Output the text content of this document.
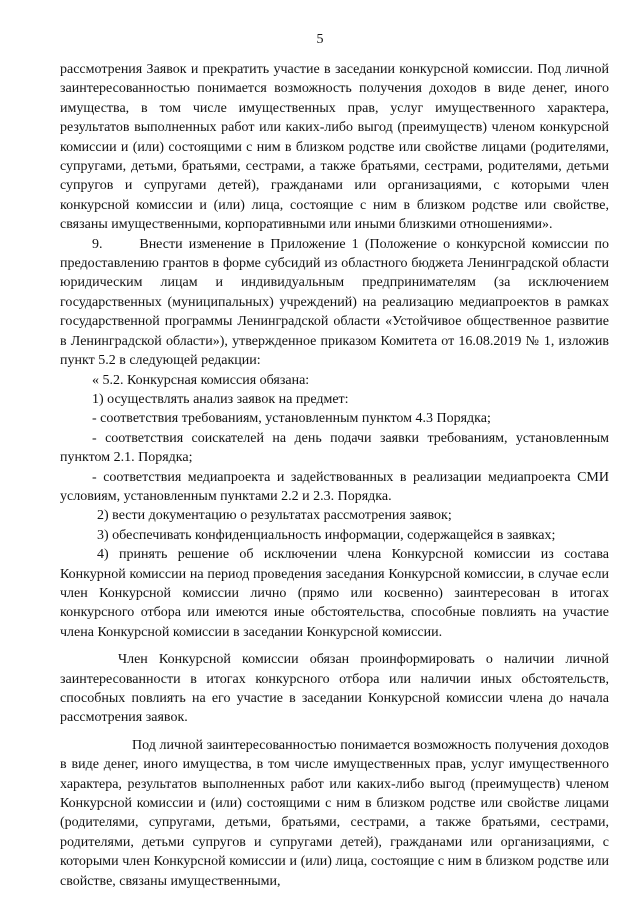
5

рассмотрения Заявок и прекратить участие в заседании конкурсной комиссии. Под личной заинтересованностью понимается возможность получения доходов в виде денег, иного имущества, в том числе имущественных прав, услуг имущественного характера, результатов выполненных работ или каких-либо выгод (преимуществ) членом конкурсной комиссии и (или) состоящими с ним в близком родстве или свойстве лицами (родителями, супругами, детьми, братьями, сестрами, а также братьями, сестрами, родителями, детьми супругов и супругами детей), гражданами или организациями, с которыми член конкурсной комиссии и (или) лица, состоящие с ним в близком родстве или свойстве, связаны имущественными, корпоративными или иными близкими отношениями».

9.      Внести изменение в Приложение 1 (Положение о конкурсной комиссии по предоставлению грантов в форме субсидий из областного бюджета Ленинградской области юридическим лицам и индивидуальным предпринимателям (за исключением государственных (муниципальных) учреждений) на реализацию медиапроектов в рамках государственной программы Ленинградской области «Устойчивое общественное развитие в Ленинградской области»), утвержденное приказом Комитета от 16.08.2019 № 1, изложив пункт 5.2 в следующей редакции:

« 5.2. Конкурсная комиссия обязана:

1) осуществлять анализ заявок на предмет:

- соответствия требованиям, установленным пунктом 4.3 Порядка;

- соответствия соискателей на день подачи заявки требованиям, установленным пунктом 2.1. Порядка;

- соответствия медиапроекта и задействованных в реализации медиапроекта СМИ условиям, установленным пунктами 2.2 и 2.3. Порядка.

2) вести документацию о результатах рассмотрения заявок;

3) обеспечивать конфиденциальность информации, содержащейся в заявках;

4) принять решение об исключении члена Конкурсной комиссии из состава Конкурной комиссии на период проведения заседания Конкурсной комиссии, в случае если член Конкурсной комиссии лично (прямо или косвенно) заинтересован в итогах конкурсного отбора или имеются иные обстоятельства, способные повлиять на участие члена Конкурсной комиссии в заседании Конкурсной комиссии.

Член Конкурсной комиссии обязан проинформировать о наличии личной заинтересованности в итогах конкурсного отбора или наличии иных обстоятельств, способных повлиять на его участие в заседании Конкурсной комиссии члена до начала рассмотрения заявок.

Под личной заинтересованностью понимается возможность получения доходов в виде денег, иного имущества, в том числе имущественных прав, услуг имущественного характера, результатов выполненных работ или каких-либо выгод (преимуществ) членом Конкурсной комиссии и (или) состоящими с ним в близком родстве или свойстве лицами (родителями, супругами, детьми, братьями, сестрами, а также братьями, сестрами, родителями, детьми супругов и супругами детей), гражданами или организациями, с которыми член Конкурсной комиссии и (или) лица, состоящие с ним в близком родстве или свойстве, связаны имущественными,
